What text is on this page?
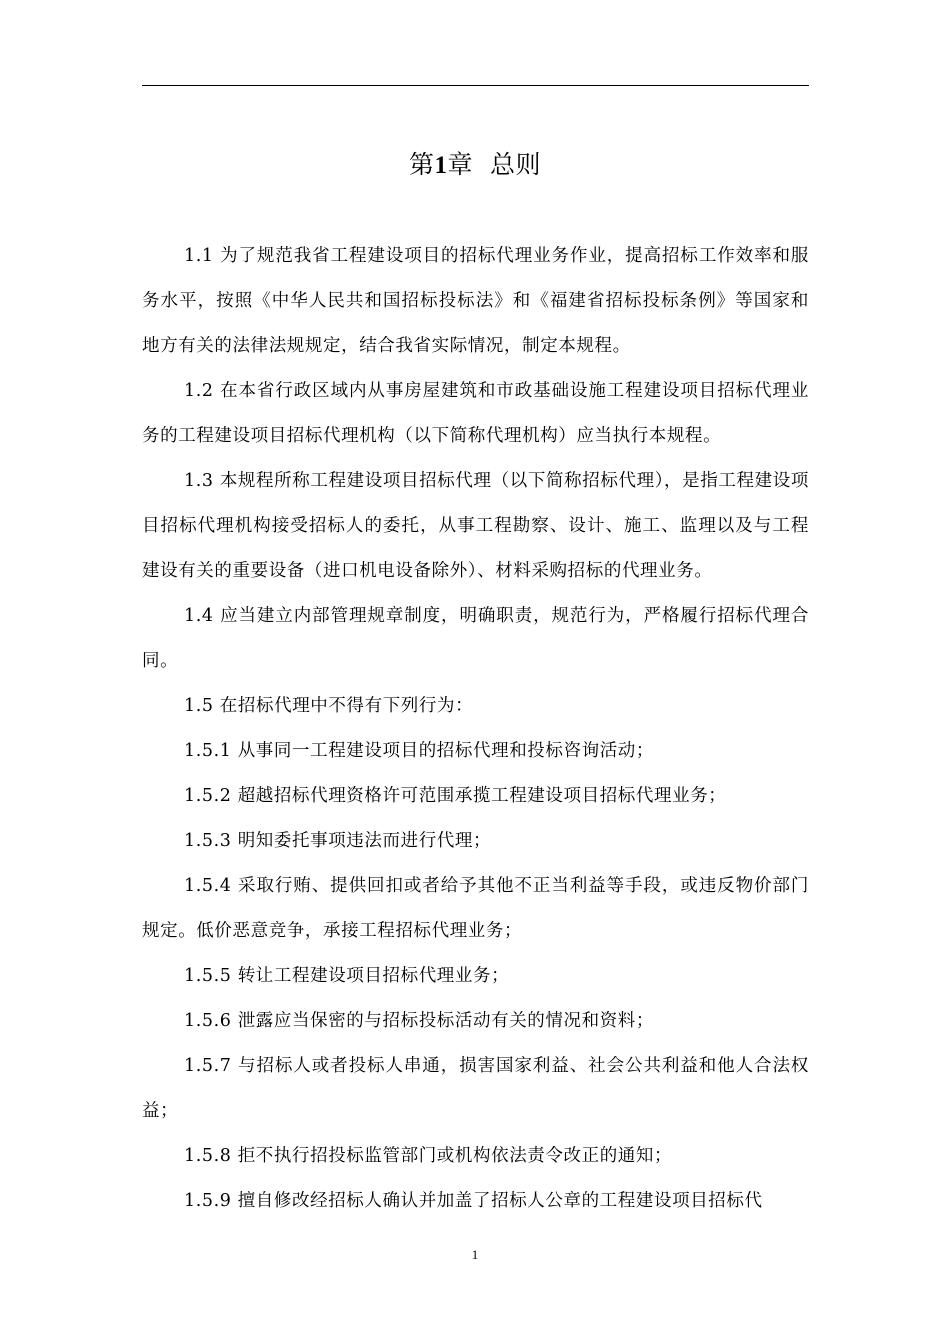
第1章  总则

1.1 为了规范我省工程建设项目的招标代理业务作业，提高招标工作效率和服务水平，按照《中华人民共和国招标投标法》和《福建省招标投标条例》等国家和地方有关的法律法规规定，结合我省实际情况，制定本规程。

1.2 在本省行政区域内从事房屋建筑和市政基础设施工程建设项目招标代理业务的工程建设项目招标代理机构（以下简称代理机构）应当执行本规程。

1.3 本规程所称工程建设项目招标代理（以下简称招标代理），是指工程建设项目招标代理机构接受招标人的委托，从事工程勘察、设计、施工、监理以及与工程建设有关的重要设备（进口机电设备除外）、材料采购招标的代理业务。

1.4 应当建立内部管理规章制度，明确职责，规范行为，严格履行招标代理合同。

1.5 在招标代理中不得有下列行为：

1.5.1 从事同一工程建设项目的招标代理和投标咨询活动；

1.5.2 超越招标代理资格许可范围承揽工程建设项目招标代理业务；

1.5.3 明知委托事项违法而进行代理；

1.5.4 采取行贿、提供回扣或者给予其他不正当利益等手段，或违反物价部门规定。低价恶意竞争，承接工程招标代理业务；

1.5.5 转让工程建设项目招标代理业务；

1.5.6 泄露应当保密的与招标投标活动有关的情况和资料；

1.5.7 与招标人或者投标人串通，损害国家利益、社会公共利益和他人合法权益；

1.5.8 拒不执行招投标监管部门或机构依法责令改正的通知；

1.5.9 擅自修改经招标人确认并加盖了招标人公章的工程建设项目招标代

1
